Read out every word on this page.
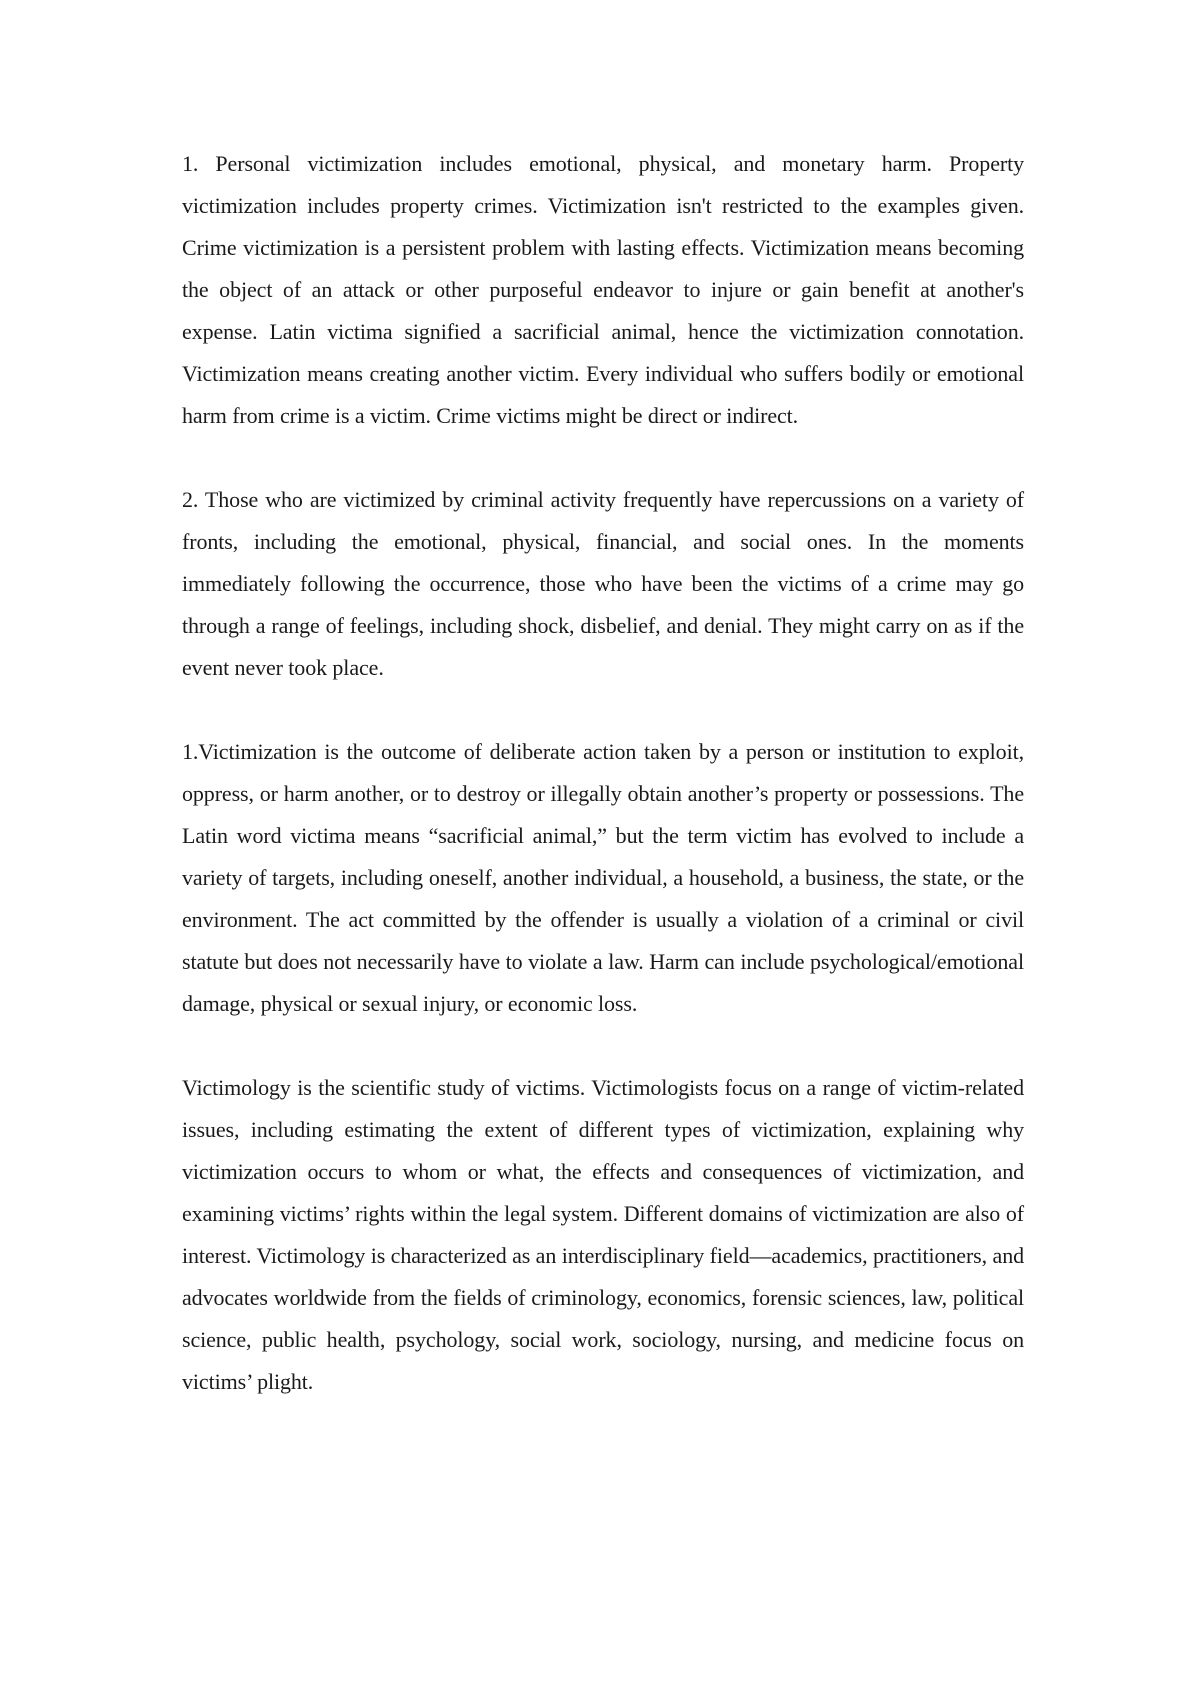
1. Personal victimization includes emotional, physical, and monetary harm. Property victimization includes property crimes. Victimization isn't restricted to the examples given. Crime victimization is a persistent problem with lasting effects. Victimization means becoming the object of an attack or other purposeful endeavor to injure or gain benefit at another's expense. Latin victima signified a sacrificial animal, hence the victimization connotation. Victimization means creating another victim. Every individual who suffers bodily or emotional harm from crime is a victim. Crime victims might be direct or indirect.

2. Those who are victimized by criminal activity frequently have repercussions on a variety of fronts, including the emotional, physical, financial, and social ones. In the moments immediately following the occurrence, those who have been the victims of a crime may go through a range of feelings, including shock, disbelief, and denial. They might carry on as if the event never took place.

1.Victimization is the outcome of deliberate action taken by a person or institution to exploit, oppress, or harm another, or to destroy or illegally obtain another’s property or possessions. The Latin word victima means “sacrificial animal,” but the term victim has evolved to include a variety of targets, including oneself, another individual, a household, a business, the state, or the environment. The act committed by the offender is usually a violation of a criminal or civil statute but does not necessarily have to violate a law. Harm can include psychological/emotional damage, physical or sexual injury, or economic loss.

Victimology is the scientific study of victims. Victimologists focus on a range of victim-related issues, including estimating the extent of different types of victimization, explaining why victimization occurs to whom or what, the effects and consequences of victimization, and examining victims’ rights within the legal system. Different domains of victimization are also of interest. Victimology is characterized as an interdisciplinary field—academics, practitioners, and advocates worldwide from the fields of criminology, economics, forensic sciences, law, political science, public health, psychology, social work, sociology, nursing, and medicine focus on victims’ plight.
